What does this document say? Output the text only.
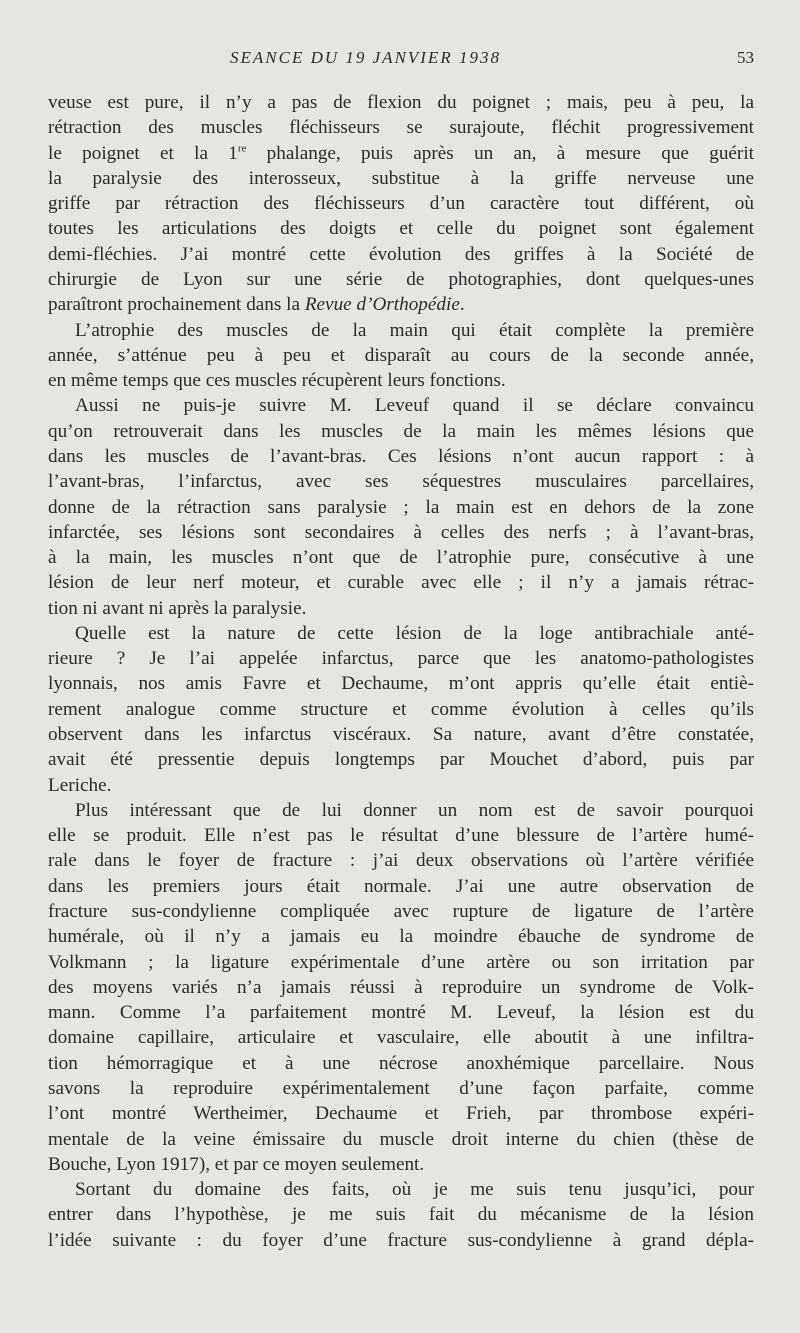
SEANCE DU 19 JANVIER 1938	53

veuse est pure, il n’y a pas de flexion du poignet ; mais, peu à peu, la
rétraction des muscles fléchisseurs se surajoute, fléchit progressivement
le poignet et la 1re phalange, puis après un an, à mesure que guérit
la paralysie des interosseux, substitue à la griffe nerveuse une
griffe par rétraction des fléchisseurs d’un caractère tout différent, où
toutes les articulations des doigts et celle du poignet sont également
demi-fléchies. J’ai montré cette évolution des griffes à la Société de
chirurgie de Lyon sur une série de photographies, dont quelques-unes
paraîtront prochainement dans la Revue d’Orthopédie.

L’atrophie des muscles de la main qui était complète la première
année, s’atténue peu à peu et disparaît au cours de la seconde année,
en même temps que ces muscles récupèrent leurs fonctions.

Aussi ne puis-je suivre M. Leveuf quand il se déclare convaincu
qu’on retrouverait dans les muscles de la main les mêmes lésions que
dans les muscles de l’avant-bras. Ces lésions n’ont aucun rapport : à
l’avant-bras, l’infarctus, avec ses séquestres musculaires parcellaires,
donne de la rétraction sans paralysie ; la main est en dehors de la zone
infarctée, ses lésions sont secondaires à celles des nerfs ; à l’avant-bras,
à la main, les muscles n’ont que de l’atrophie pure, consécutive à une
lésion de leur nerf moteur, et curable avec elle ; il n’y a jamais rétrac-
tion ni avant ni après la paralysie.

Quelle est la nature de cette lésion de la loge antibrachiale anté-
rieure ? Je l’ai appelée infarctus, parce que les anatomo-pathologistes
lyonnais, nos amis Favre et Dechaume, m’ont appris qu’elle était entiè-
rement analogue comme structure et comme évolution à celles qu’ils
observent dans les infarctus viscéraux. Sa nature, avant d’être constatée,
avait été pressentie depuis longtemps par Mouchet d’abord, puis par
Leriche.

Plus intéressant que de lui donner un nom est de savoir pourquoi
elle se produit. Elle n’est pas le résultat d’une blessure de l’artère humé-
rale dans le foyer de fracture : j’ai deux observations où l’artère vérifiée
dans les premiers jours était normale. J’ai une autre observation de
fracture sus-condylienne compliquée avec rupture de ligature de l’artère
humérale, où il n’y a jamais eu la moindre ébauche de syndrome de
Volkmann ; la ligature expérimentale d’une artère ou son irritation par
des moyens variés n’a jamais réussi à reproduire un syndrome de Volk-
mann. Comme l’a parfaitement montré M. Leveuf, la lésion est du
domaine capillaire, articulaire et vasculaire, elle aboutit à une infiltra-
tion hémorragique et à une nécrose anoxhémique parcellaire. Nous
savons la reproduire expérimentalement d’une façon parfaite, comme
l’ont montré Wertheimer, Dechaume et Frieh, par thrombose expéri-
mentale de la veine émissaire du muscle droit interne du chien (thèse de
Bouche, Lyon 1917), et par ce moyen seulement.

Sortant du domaine des faits, où je me suis tenu jusqu’ici, pour
entrer dans l’hypothèse, je me suis fait du mécanisme de la lésion
l’idée suivante : du foyer d’une fracture sus-condylienne à grand dépla-
